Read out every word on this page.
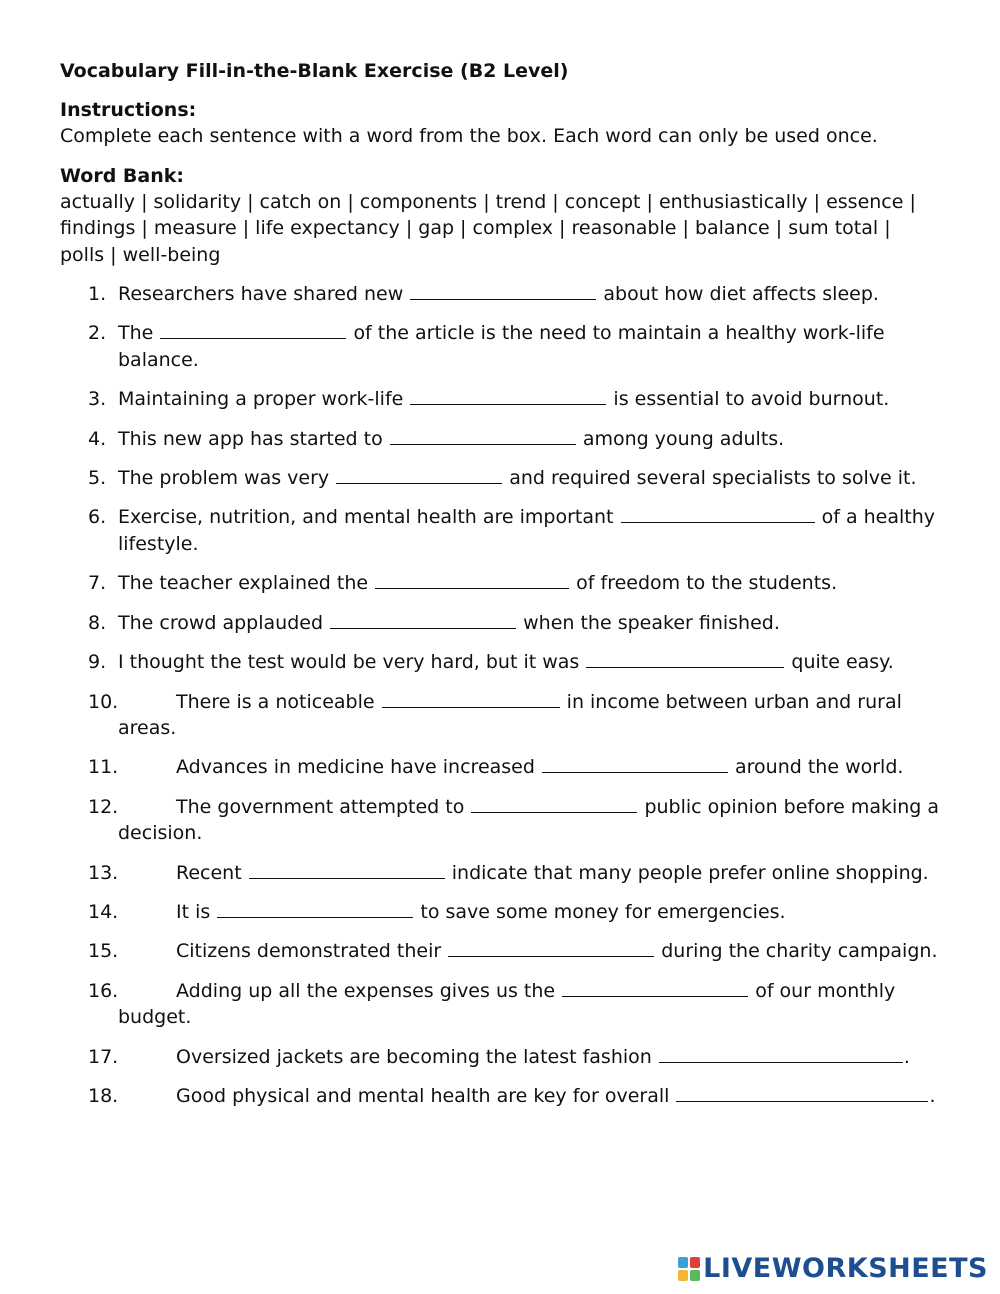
Vocabulary Fill-in-the-Blank Exercise (B2 Level)
Instructions:
Complete each sentence with a word from the box. Each word can only be used once.
Word Bank:
actually | solidarity | catch on | components | trend | concept | enthusiastically | essence | findings | measure | life expectancy | gap | complex | reasonable | balance | sum total | polls | well-being
1. Researchers have shared new	about how diet affects sleep.
2. The	of the article is the need to maintain a healthy work-life balance.
3. Maintaining a proper work-life	is essential to avoid burnout.
4. This new app has started to	among young adults.
5. The problem was very	and required several specialists to solve it.
6. Exercise, nutrition, and mental health are important	of a healthy lifestyle.
7. The teacher explained the	of freedom to the students.
8. The crowd applauded	when the speaker finished.
9. I thought the test would be very hard, but it was	quite easy.
10.	There is a noticeable	in income between urban and rural areas.
11.	Advances in medicine have increased	around the world.
12.	The government attempted to	public opinion before making a decision.
13.	Recent	indicate that many people prefer online shopping.
14.	It is	to save some money for emergencies.
15.	Citizens demonstrated their	during the charity campaign.
16.	Adding up all the expenses gives us the	of our monthly budget.
17.	Oversized jackets are becoming the latest fashion	.
18.	Good physical and mental health are key for overall	.
LIVEWORKSHEETS
